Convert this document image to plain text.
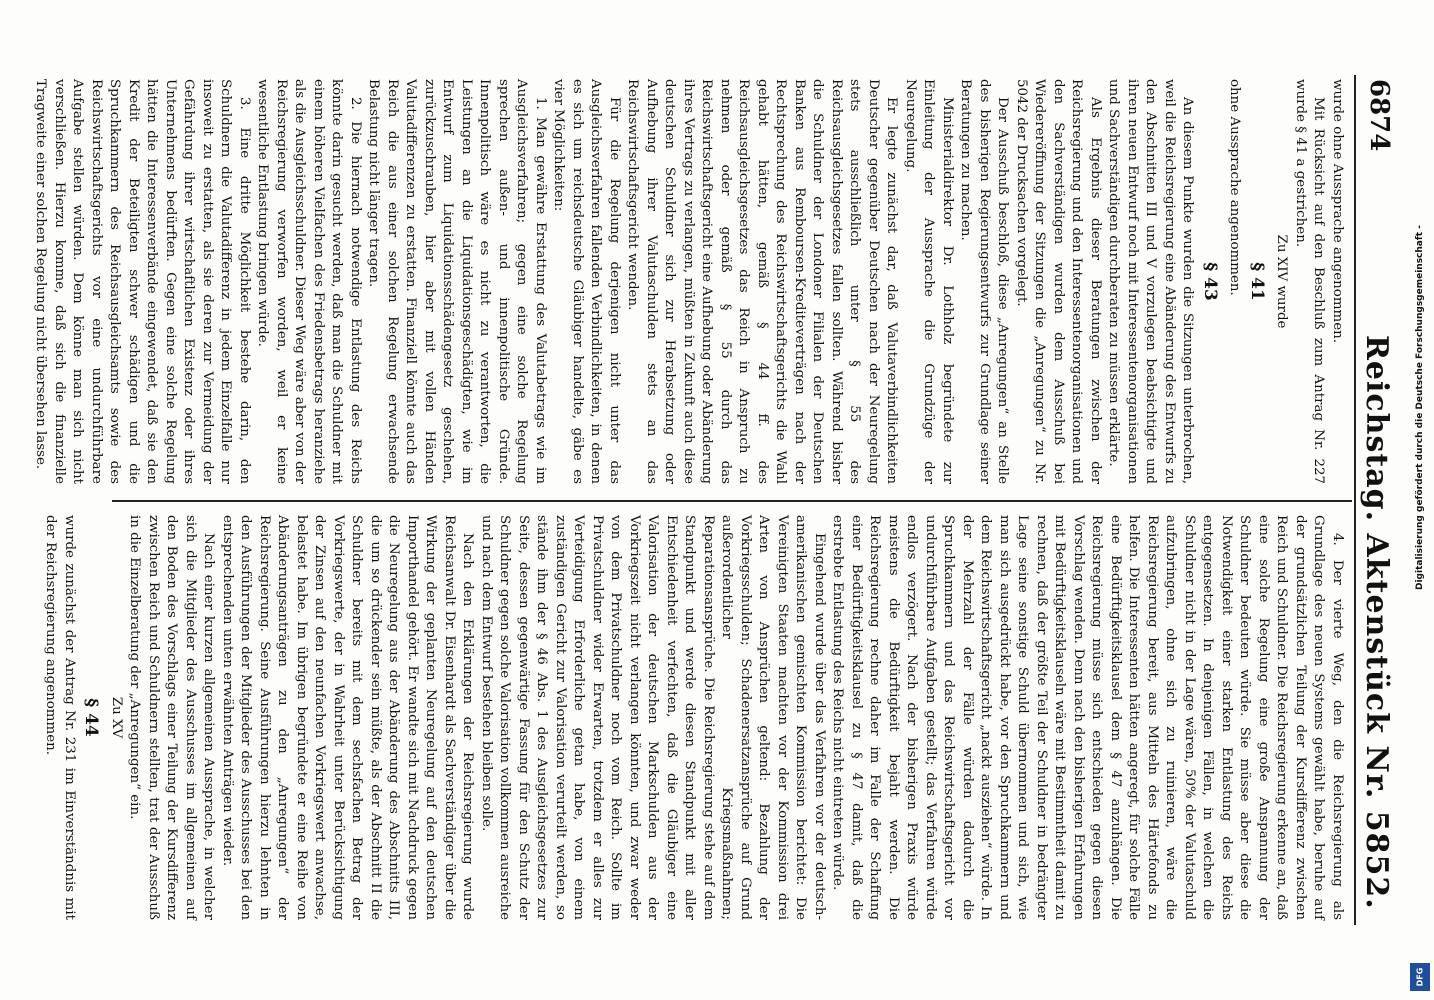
6874
Reichstag. Aktenstück Nr. 5852.

wurde ohne Aussprache angenommen.

Mit Rücksicht auf den Beschluß zum Antrag Nr. 227 wurde § 41 a gestrichen.

Zu XIV wurde

§ 41

ohne Aussprache angenommen.

§ 43

An diesem Punkte wurden die Sitzungen unterbrochen, weil die Reichsregierung eine Abänderung des Entwurfs zu den Abschnitten III und V vorzulegen beabsichtigte und ihren neuen Entwurf noch mit Interessentenorganisationen und Sachverständigen durchberaten zu müssen erklärte.

Als Ergebnis dieser Beratungen zwischen der Reichsregierung und den Interessentenorganisationen und den Sachverständigen wurden dem Ausschuß bei Wiedereröffnung der Sitzungen die „Anregungen“ zu Nr. 5042 der Drucksachen vorgelegt.

Der Ausschuß beschloß, diese „Anregungen“ an Stelle des bisherigen Regierungsentwurfs zur Grundlage seiner Beratungen zu machen.

Ministerialdirektor Dr. Lothholz begründete zur Einleitung der Aussprache die Grundzüge der Neuregelung.

Er legte zunächst dar, daß Valutaverbindlichkeiten Deutscher gegenüber Deutschen nach der Neuregelung stets ausschließlich unter § 55 des Reichsausgleichsgesetzes fallen sollten. Während bisher die Schuldner der Londoner Filialen der Deutschen Banken aus Remboursen-Krediteverträgen nach der Rechtsprechung des Reichswirtschaftsgerichts die Wahl gehabt hätten, gemäß § 44 ff. des Reichsausgleichsgesetzes das Reich in Anspruch zu nehmen oder gemäß § 55 durch das Reichswirtschaftsgericht eine Aufhebung oder Abänderung ihres Vertrags zu verlangen, müßten in Zukunft auch diese deutschen Schuldner sich zur Herabsetzung oder Aufhebung ihrer Valutaschulden stets an das Reichswirtschaftsgericht wenden.

Für die Regelung derjenigen nicht unter das Ausgleichsverfahren fallenden Verbindlichkeiten, in denen es sich um reichsdeutsche Gläubiger handelte, gäbe es vier Möglichkeiten:

1. Man gewähre Erstattung des Valutabetrags wie im Ausgleichsverfahren; gegen eine solche Regelung sprechen außen- und innenpolitische Gründe. Innenpolitisch wäre es nicht zu verantworten, die Leistungen an die Liquidationsgeschädigten, wie im Entwurf zum Liquidationsschädengesetz geschehen, zurückzuschrauben, hier aber mit vollen Händen Valutadifferenzen zu erstatten. Finanziell könnte auch das Reich die aus einer solchen Regelung erwachsende Belastung nicht länger tragen.

2. Die hiernach notwendige Entlastung des Reichs könnte darin gesucht werden, daß man die Schuldner mit einem höheren Vielfachen des Friedensbetrags heranziehe als die Ausgleichsschuldner. Dieser Weg wäre aber von der Reichsregierung verworfen worden, weil er keine wesentliche Entlastung bringen würde.

3. Eine dritte Möglichkeit bestehe darin, den Schuldnern die Valutadifferenz in jedem Einzelfalle nur insoweit zu erstatten, als sie deren zur Vermeidung der Gefährdung ihrer wirtschaftlichen Existenz oder ihres Unternehmens bedürften. Gegen eine solche Regelung hätten die Interessenverbände eingewendet, daß sie den Kredit der Beteiligten schwer schädigen und die Spruchkammern des Reichsausgleichsamts sowie des Reichswirtschaftsgerichts vor eine undurchführbare Aufgabe stellen würden. Dem könne man sich nicht verschließen. Hierzu komme, daß sich die finanzielle Tragweite einer solchen Regelung nicht übersehen lasse.

4. Der vierte Weg, den die Reichsregierung als Grundlage des neuen Systems gewählt habe, beruhe auf der grundsätzlichen Teilung der Kursdifferenz zwischen Reich und Schuldner. Die Reichsregierung erkenne an, daß eine solche Regelung eine große Anspannung der Schuldner bedeuten würde. Sie müsse aber diese die Notwendigkeit einer starken Entlastung des Reichs entgegensetzen. In denjenigen Fällen, in welchen die Schuldner nicht in der Lage wären, 50% der Valutaschuld aufzubringen, ohne sich zu ruinieren, wäre die Reichsregierung bereit, aus Mitteln des Härtefonds zu helfen. Die Interessenten hätten angeregt, für solche Fälle eine Bedürftigkeitsklausel dem § 47 anzuhängen. Die Reichsregierung müsse sich entschieden gegen diesen Vorschlag wenden. Denn nach den bisherigen Erfahrungen mit Bedürftigkeitsklauseln wäre mit Bestimmtheit damit zu rechnen, daß der größte Teil der Schuldner in bedrängter Lage seine sonstige Schuld übernommen und sich, wie man sich ausgedrückt habe, vor den Spruchkammern und dem Reichswirtschaftsgericht „nackt ausziehen“ würde. In der Mehrzahl der Fälle würden dadurch die Spruchkammern und das Reichswirtschaftsgericht vor undurchführbare Aufgaben gestellt; das Verfahren würde endlos verzögert. Nach der bisherigen Praxis würde meistens die Bedürftigkeit bejaht werden. Die Reichsregierung rechne daher im Falle der Schaffung einer Bedürftigkeitsklausel zu § 47 damit, daß die erstrebte Entlastung des Reichs nicht eintreten würde.

Eingehend wurde über das Verfahren vor der deutsch-amerikanischen gemischten Kommission berichtet: Die Vereinigten Staaten machten vor der Kommission drei Arten von Ansprüchen geltend: Bezahlung der Vorkriegsschulden; Schadenersatzansprüche auf Grund außerordentlicher Kriegsmaßnahmen; Reparationsansprüche. Die Reichsregierung stehe auf dem Standpunkt und werde diesen Standpunkt mit aller Entschiedenheit verfechten, daß die Gläubiger eine Valorisation der deutschen Markschulden aus der Vorkriegszeit nicht verlangen könnten, und zwar weder von dem Privatschuldner noch vom Reich. Sollte im Privatschuldner wider Erwarten, trotzdem er alles zur Verteidigung Erforderliche getan habe, von einem zuständigen Gericht zur Valorisation verurteilt werden, so stände ihm der § 46 Abs. 1 des Ausgleichsgesetzes zur Seite, dessen gegenwärtige Fassung für den Schutz der Schuldner gegen solche Valorisation vollkommen ausreiche und nach dem Entwurf bestehen bleiben solle.

Nach den Erklärungen der Reichsregierung wurde Reichsanwalt Dr. Eisenhardt als Sachverständiger über die Wirkung der geplanten Neuregelung auf den deutschen Importhandel gehört. Er wandte sich mit Nachdruck gegen die Neuregelung aus der Abänderung des Abschnitts III, die um so drückender sein müßte, als der Abschnitt II die Schuldner bereits mit dem sechsfachen Betrag der Vorkriegswerte, der in Wahrheit unter Berücksichtigung der Zinsen auf den neunfachen Vorkriegswert anwachse, belastet habe. Im übrigen begründete er eine Reihe von Abänderungsanträgen zu den „Anregungen“ der Reichsregierung. Seine Ausführungen hierzu lehnten in den Ausführungen der Mitglieder des Ausschusses bei den entsprechenden unten erwähnten Anträgen wieder.

Nach einer kurzen allgemeinen Aussprache, in welcher sich die Mitglieder des Ausschusses im allgemeinen auf den Boden des Vorschlags einer Teilung der Kursdifferenz zwischen Reich und Schuldnern stellten, trat der Ausschuß in die Einzelberatung der „Anregungen“ ein.

Zu XV

§ 44

wurde zunächst der Antrag Nr. 231 im Einverständnis mit der Reichsregierung angenommen.

Digitalisierung gefördert durch die Deutsche Forschungsgemeinschaft -
DFG
